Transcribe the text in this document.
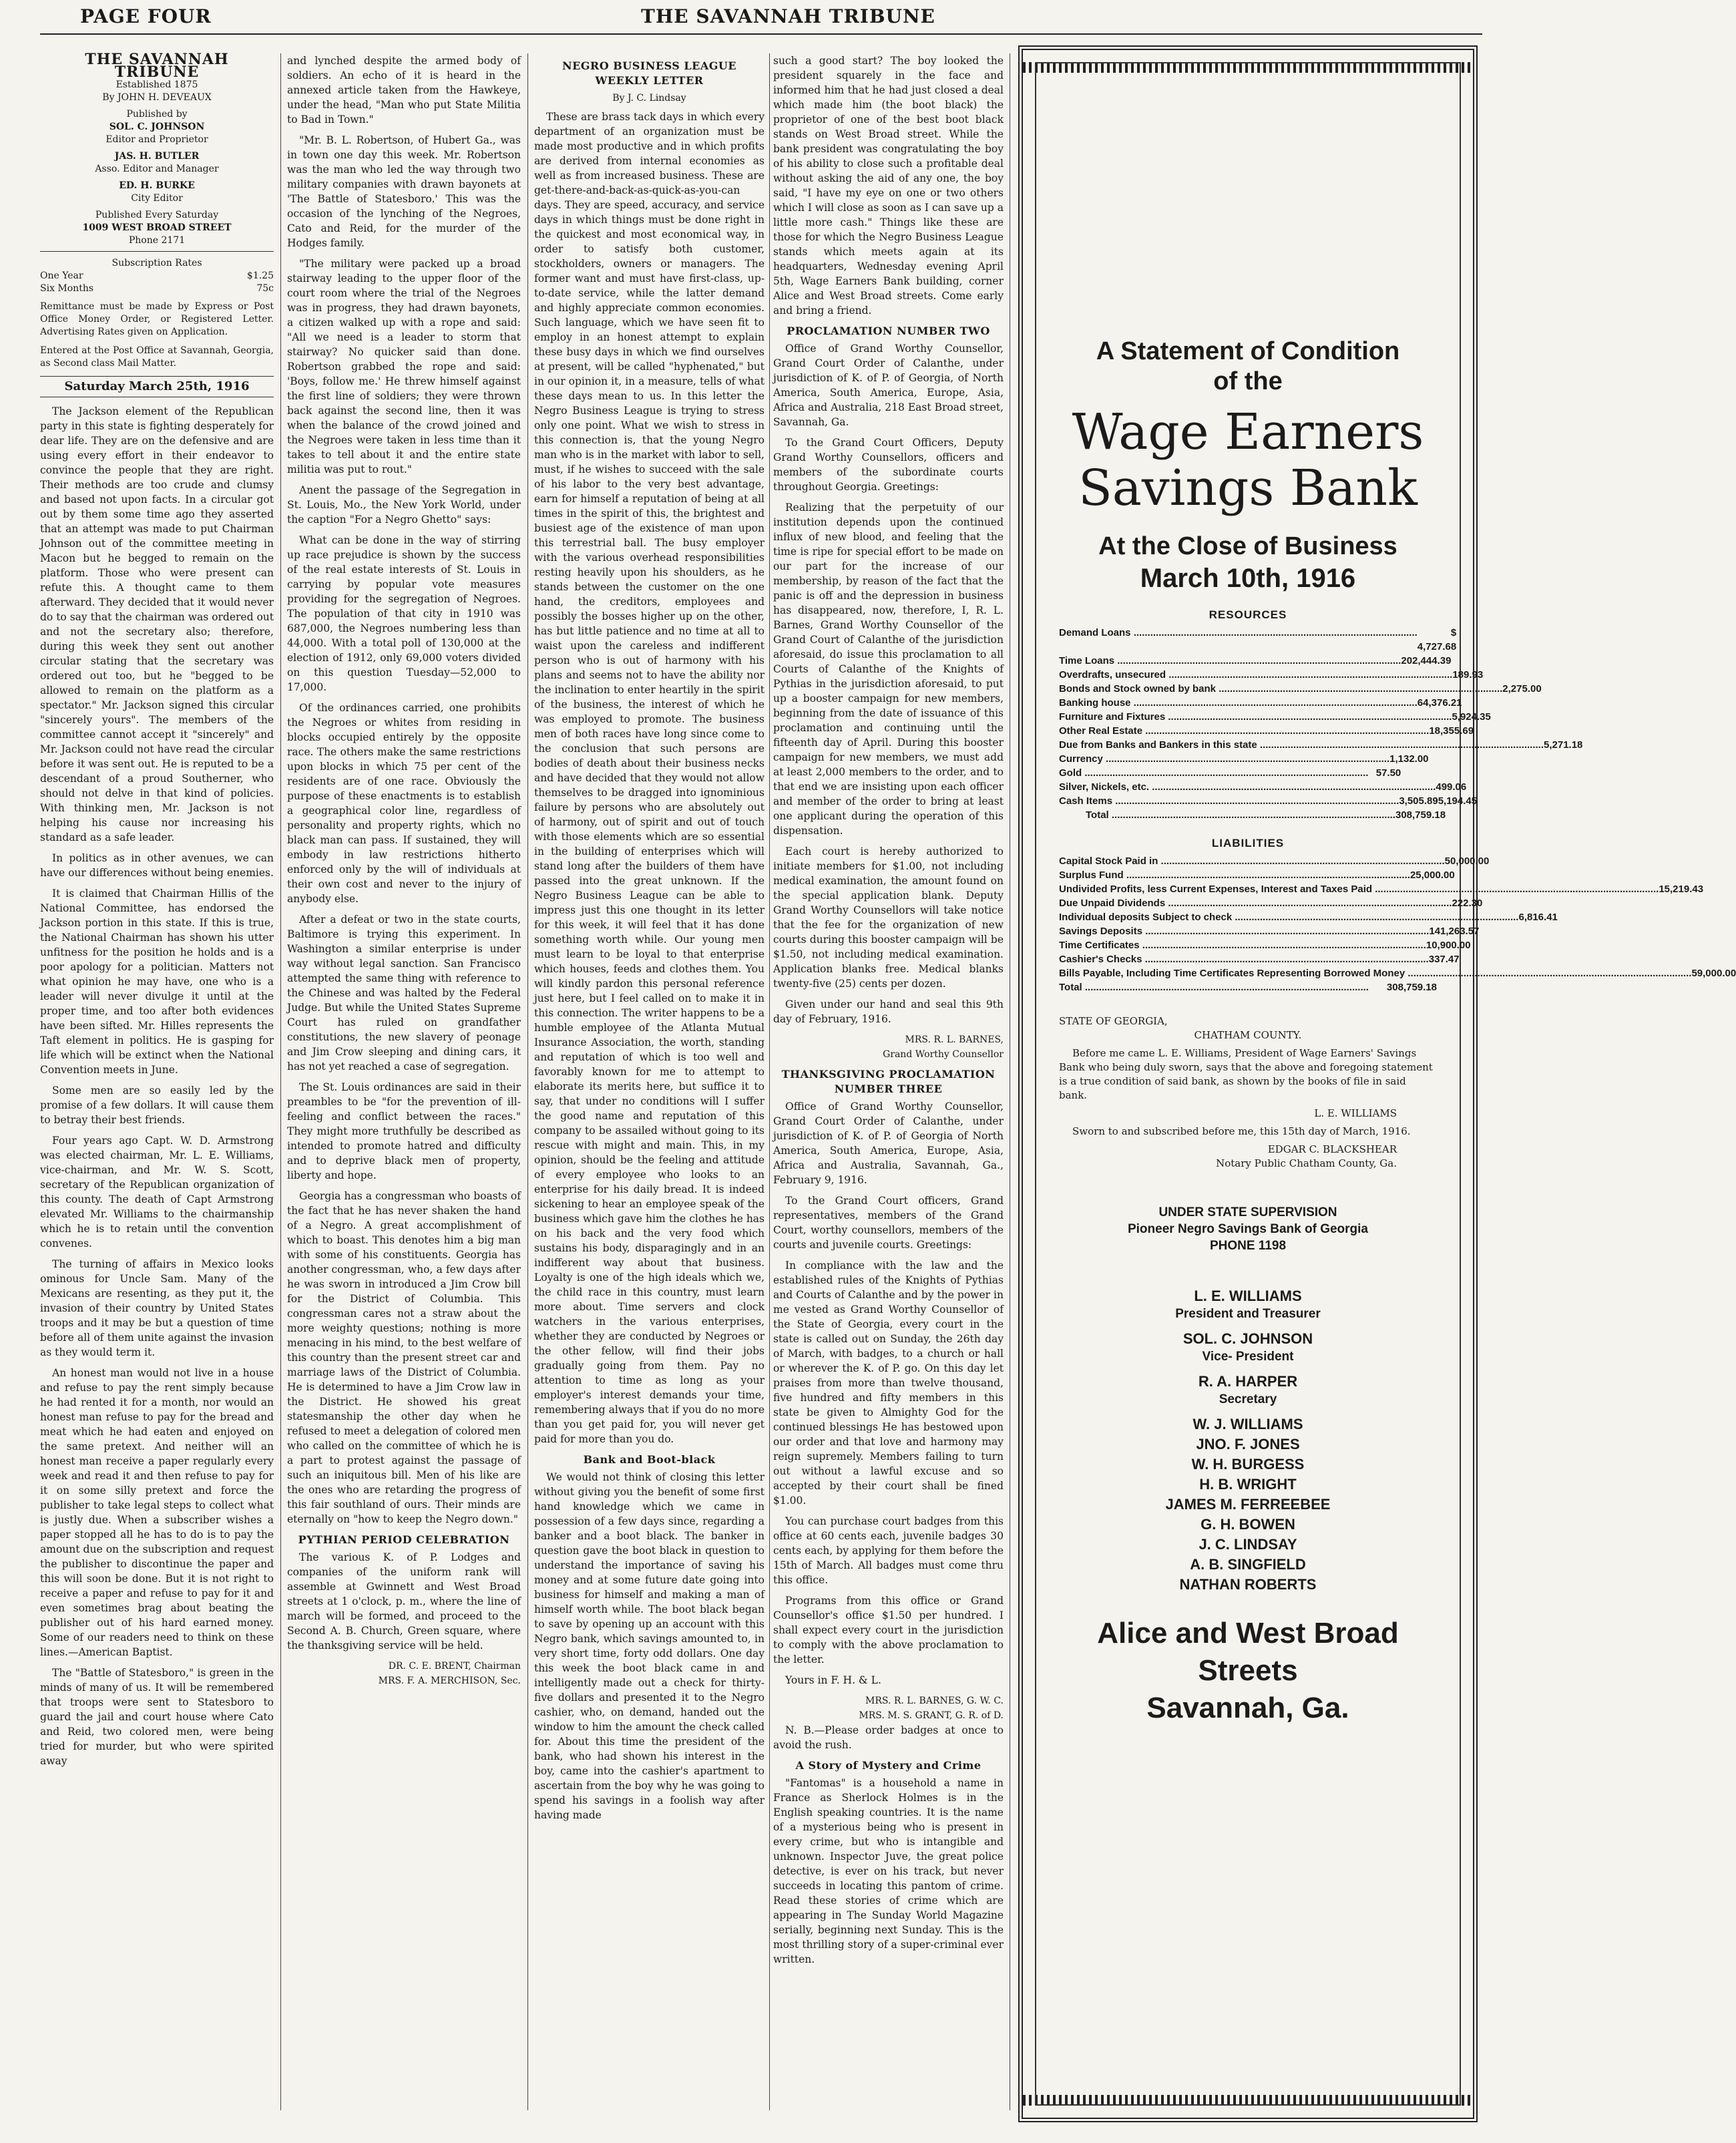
PAGE FOUR	THE SAVANNAH TRIBUNE
THE SAVANNAH TRIBUNE
Established 1875
By JOHN H. DEVEAUX
Published by
SOL. C. JOHNSON
Editor and Proprietor
JAS. H. BUTLER
Asso. Editor and Manager
ED. H. BURKE
City Editor
Published Every Saturday
1009 WEST BROAD STREET
Phone 2171
Subscription Rates
One Year	$1.25
Six Months	75c

Remittance must be made by Express or Post Office Money Order, or Registered Letter. Advertising Rates given on Application.

Entered at the Post Office at Savannah, Georgia, as Second class Mail Matter.

Saturday March 25th, 1916

The Jackson element of the Republican party in this state is fighting desperately for dear life. They are on the defensive and are using every effort in their endeavor to convince the people that they are right. Their methods are too crude and clumsy and based not upon facts. In a circular got out by them some time ago they asserted that an attempt was made to put Chairman Johnson out of the committee meeting in Macon but he begged to remain on the platform. Those who were present can refute this. A thought came to them afterward. They decided that it would never do to say that the chairman was ordered out and not the secretary also; therefore, during this week they sent out another circular stating that the secretary was ordered out too, but he "begged to be allowed to remain on the platform as a spectator." Mr. Jackson signed this circular "sincerely yours". The members of the committee cannot accept it "sincerely" and Mr. Jackson could not have read the circular before it was sent out. He is reputed to be a descendant of a proud Southerner, who should not delve in that kind of policies. With thinking men, Mr. Jackson is not helping his cause nor increasing his standard as a safe leader.

In politics as in other avenues, we can have our differences without being enemies.

It is claimed that Chairman Hillis of the National Committee, has endorsed the Jackson portion in this state. If this is true, the National Chairman has shown his utter unfitness for the position he holds and is a poor apology for a politician. Matters not what opinion he may have, one who is a leader will never divulge it until at the proper time, and too after both evidences have been sifted. Mr. Hilles represents the Taft element in politics. He is gasping for life which will be extinct when the National Convention meets in June.

Some men are so easily led by the promise of a few dollars. It will cause them to betray their best friends.

Four years ago Capt. W. D. Armstrong was elected chairman, Mr. L. E. Williams, vice-chairman, and Mr. W. S. Scott, secretary of the Republican organization of this county. The death of Capt Armstrong elevated Mr. Williams to the chairmanship which he is to retain until the convention convenes.

The turning of affairs in Mexico looks ominous for Uncle Sam. Many of the Mexicans are resenting, as they put it, the invasion of their country by United States troops and it may be but a question of time before all of them unite against the invasion as they would term it.

An honest man would not live in a house and refuse to pay the rent simply because he had rented it for a month, nor would an honest man refuse to pay for the bread and meat which he had eaten and enjoyed on the same pretext. And neither will an honest man receive a paper regularly every week and read it and then refuse to pay for it on some silly pretext and force the publisher to take legal steps to collect what is justly due. When a subscriber wishes a paper stopped all he has to do is to pay the amount due on the subscription and request the publisher to discontinue the paper and this will soon be done. But it is not right to receive a paper and refuse to pay for it and even sometimes brag about beating the publisher out of his hard earned money. Some of our readers need to think on these lines.—American Baptist.

The "Battle of Statesboro," is green in the minds of many of us. It will be remembered that troops were sent to Statesboro to guard the jail and court house where Cato and Reid, two colored men, were being tried for murder, but who were spirited away

and lynched despite the armed body of soldiers. An echo of it is heard in the annexed article taken from the Hawkeye, under the head, "Man who put State Militia to Bad in Town."

"Mr. B. L. Robertson, of Hubert Ga., was in town one day this week. Mr. Robertson was the man who led the way through two military companies with drawn bayonets at 'The Battle of Statesboro.' This was the occasion of the lynching of the Negroes, Cato and Reid, for the murder of the Hodges family.

"The military were packed up a broad stairway leading to the upper floor of the court room where the trial of the Negroes was in progress, they had drawn bayonets, a citizen walked up with a rope and said: "All we need is a leader to storm that stairway? No quicker said than done. Robertson grabbed the rope and said: 'Boys, follow me.' He threw himself against the first line of soldiers; they were thrown back against the second line, then it was when the balance of the crowd joined and the Negroes were taken in less time than it takes to tell about it and the entire state militia was put to rout."

Anent the passage of the Segregation in St. Louis, Mo., the New York World, under the caption "For a Negro Ghetto" says:

What can be done in the way of stirring up race prejudice is shown by the success of the real estate interests of St. Louis in carrying by popular vote measures providing for the segregation of Negroes. The population of that city in 1910 was 687,000, the Negroes numbering less than 44,000. With a total poll of 130,000 at the election of 1912, only 69,000 voters divided on this question Tuesday—52,000 to 17,000.

Of the ordinances carried, one prohibits the Negroes or whites from residing in blocks occupied entirely by the opposite race. The others make the same restrictions upon blocks in which 75 per cent of the residents are of one race. Obviously the purpose of these enactments is to establish a geographical color line, regardless of personality and property rights, which no black man can pass. If sustained, they will embody in law restrictions hitherto enforced only by the will of individuals at their own cost and never to the injury of anybody else.

After a defeat or two in the state courts, Baltimore is trying this experiment. In Washington a similar enterprise is under way without legal sanction. San Francisco attempted the same thing with reference to the Chinese and was halted by the Federal Judge. But while the United States Supreme Court has ruled on grandfather constitutions, the new slavery of peonage and Jim Crow sleeping and dining cars, it has not yet reached a case of segregation.

The St. Louis ordinances are said in their preambles to be "for the prevention of ill-feeling and conflict between the races." They might more truthfully be described as intended to promote hatred and difficulty and to deprive black men of property, liberty and hope.

Georgia has a congressman who boasts of the fact that he has never shaken the hand of a Negro. A great accomplishment of which to boast. This denotes him a big man with some of his constituents. Georgia has another congressman, who, a few days after he was sworn in introduced a Jim Crow bill for the District of Columbia. This congressman cares not a straw about the more weighty questions; nothing is more menacing in his mind, to the best welfare of this country than the present street car and marriage laws of the District of Columbia. He is determined to have a Jim Crow law in the District. He showed his great statesmanship the other day when he refused to meet a delegation of colored men who called on the committee of which he is a part to protest against the passage of such an iniquitous bill. Men of his like are the ones who are retarding the progress of this fair southland of ours. Their minds are eternally on "how to keep the Negro down."

PYTHIAN PERIOD CELEBRATION

The various K. of P. Lodges and companies of the uniform rank will assemble at Gwinnett and West Broad streets at 1 o'clock, p. m., where the line of march will be formed, and proceed to the Second A. B. Church, Green square, where the thanksgiving service will be held.

DR. C. E. BRENT, Chairman
MRS. F. A. MERCHISON, Sec.
NEGRO BUSINESS LEAGUE WEEKLY LETTER
By J. C. Lindsay

These are brass tack days in which every department of an organization must be made most productive and in which profits are derived from internal economies as well as from increased business. These are get-there-and-back-as-quick-as-you-can days. They are speed, accuracy, and service days in which things must be done right in the quickest and most economical way, in order to satisfy both customer, stockholders, owners or managers. The former want and must have first-class, up-to-date service, while the latter demand and highly appreciate common economies. Such language, which we have seen fit to employ in an honest attempt to explain these busy days in which we find ourselves at present, will be called "hyphenated," but in our opinion it, in a measure, tells of what these days mean to us. In this letter the Negro Business League is trying to stress only one point. What we wish to stress in this connection is, that the young Negro man who is in the market with labor to sell, must, if he wishes to succeed with the sale of his labor to the very best advantage, earn for himself a reputation of being at all times in the spirit of this, the brightest and busiest age of the existence of man upon this terrestrial ball. The busy employer with the various overhead responsibilities resting heavily upon his shoulders, as he stands between the customer on the one hand, the creditors, employees and possibly the bosses higher up on the other, has but little patience and no time at all to waist upon the careless and indifferent person who is out of harmony with his plans and seems not to have the ability nor the inclination to enter heartily in the spirit of the business, the interest of which he was employed to promote. The business men of both races have long since come to the conclusion that such persons are bodies of death about their business necks and have decided that they would not allow themselves to be dragged into ignominious failure by persons who are absolutely out of harmony, out of spirit and out of touch with those elements which are so essential in the building of enterprises which will stand long after the builders of them have passed into the great unknown. If the Negro Business League can be able to impress just this one thought in its letter for this week, it will feel that it has done something worth while. Our young men must learn to be loyal to that enterprise which houses, feeds and clothes them. You will kindly pardon this personal reference just here, but I feel called on to make it in this connection. The writer happens to be a humble employee of the Atlanta Mutual Insurance Association, the worth, standing and reputation of which is too well and favorably known for me to attempt to elaborate its merits here, but suffice it to say, that under no conditions will I suffer the good name and reputation of this company to be assailed without going to its rescue with might and main. This, in my opinion, should be the feeling and attitude of every employee who looks to an enterprise for his daily bread. It is indeed sickening to hear an employee speak of the business which gave him the clothes he has on his back and the very food which sustains his body, disparagingly and in an indifferent way about that business. Loyalty is one of the high ideals which we, the child race in this country, must learn more about. Time servers and clock watchers in the various enterprises, whether they are conducted by Negroes or the other fellow, will find their jobs gradually going from them. Pay no attention to time as long as your employer's interest demands your time, remembering always that if you do no more than you get paid for, you will never get paid for more than you do.

Bank and Boot-black

We would not think of closing this letter without giving you the benefit of some first hand knowledge which we came in possession of a few days since, regarding a banker and a boot black. The banker in question gave the boot black in question to understand the importance of saving his money and at some future date going into business for himself and making a man of himself worth while. The boot black began to save by opening up an account with this Negro bank, which savings amounted to, in very short time, forty odd dollars. One day this week the boot black came in and intelligently made out a check for thirty-five dollars and presented it to the Negro cashier, who, on demand, handed out the window to him the amount the check called for. About this time the president of the bank, who had shown his interest in the boy, came into the cashier's apartment to ascertain from the boy why he was going to spend his savings in a foolish way after having made

such a good start? The boy looked the president squarely in the face and informed him that he had just closed a deal which made him (the boot black) the proprietor of one of the best boot black stands on West Broad street. While the bank president was congratulating the boy of his ability to close such a profitable deal without asking the aid of any one, the boy said, "I have my eye on one or two others which I will close as soon as I can save up a little more cash." Things like these are those for which the Negro Business League stands which meets again at its headquarters, Wednesday evening April 5th, Wage Earners Bank building, corner Alice and West Broad streets. Come early and bring a friend.

PROCLAMATION NUMBER TWO

Office of Grand Worthy Counsellor, Grand Court Order of Calanthe, under jurisdiction of K. of P. of Georgia, of North America, South America, Europe, Asia, Africa and Australia, 218 East Broad street, Savannah, Ga.

To the Grand Court Officers, Deputy Grand Worthy Counsellors, officers and members of the subordinate courts throughout Georgia. Greetings:

Realizing that the perpetuity of our institution depends upon the continued influx of new blood, and feeling that the time is ripe for special effort to be made on our part for the increase of our membership, by reason of the fact that the panic is off and the depression in business has disappeared, now, therefore, I, R. L. Barnes, Grand Worthy Counsellor of the Grand Court of Calanthe of the jurisdiction aforesaid, do issue this proclamation to all Courts of Calanthe of the Knights of Pythias in the jurisdiction aforesaid, to put up a booster campaign for new members, beginning from the date of issuance of this proclamation and continuing until the fifteenth day of April. During this booster campaign for new members, we must add at least 2,000 members to the order, and to that end we are insisting upon each officer and member of the order to bring at least one applicant during the operation of this dispensation.

Each court is hereby authorized to initiate members for $1.00, not including medical examination, the amount found on the special application blank. Deputy Grand Worthy Counsellors will take notice that the fee for the organization of new courts during this booster campaign will be $1.50, not including medical examination. Application blanks free. Medical blanks twenty-five (25) cents per dozen.

Given under our hand and seal this 9th day of February, 1916.

MRS. R. L. BARNES,
Grand Worthy Counsellor
THANKSGIVING PROCLAMATION NUMBER THREE

Office of Grand Worthy Counsellor, Grand Court Order of Calanthe, under jurisdiction of K. of P. of Georgia of North America, South America, Europe, Asia, Africa and Australia, Savannah, Ga., February 9, 1916.

To the Grand Court officers, Grand representatives, members of the Grand Court, worthy counsellors, members of the courts and juvenile courts. Greetings:

In compliance with the law and the established rules of the Knights of Pythias and Courts of Calanthe and by the power in me vested as Grand Worthy Counsellor of the State of Georgia, every court in the state is called out on Sunday, the 26th day of March, with badges, to a church or hall or wherever the K. of P. go. On this day let praises from more than twelve thousand, five hundred and fifty members in this state be given to Almighty God for the continued blessings He has bestowed upon our order and that love and harmony may reign supremely. Members failing to turn out without a lawful excuse and so accepted by their court shall be fined $1.00.

You can purchase court badges from this office at 60 cents each, juvenile badges 30 cents each, by applying for them before the 15th of March. All badges must come thru this office.

Programs from this office or Grand Counsellor's office $1.50 per hundred. I shall expect every court in the jurisdiction to comply with the above proclamation to the letter.

Yours in F. H. & L.

MRS. R. L. BARNES, G. W. C.
MRS. M. S. GRANT, G. R. of D.

N. B.—Please order badges at once to avoid the rush.

A Story of Mystery and Crime

"Fantomas" is a household a name in France as Sherlock Holmes is in the English speaking countries. It is the name of a mysterious being who is present in every crime, but who is intangible and unknown. Inspector Juve, the great police detective, is ever on his track, but never succeeds in locating this pantom of crime. Read these stories of crime which are appearing in The Sunday World Magazine serially, beginning next Sunday. This is the most thrilling story of a super-criminal ever written.

A Statement of Condition
of the
Wage Earners
Savings Bank
At the Close of Business
March 10th, 1916
RESOURCES
Demand Loans .....	$ 4,727.68
Time Loans .....	202,444.39
Overdrafts, unsecured .....	189.93
Bonds and Stock owned by bank .....	2,275.00
Banking house .....	64,376.21
Furniture and Fixtures .....	5,924.35
Other Real Estate .....	18,355.69
Due from Banks and Bankers in this state .....	5,271.18
Currency .....	1,132.00
Gold .....	57.50
Silver, Nickels, etc. .....	499.06
Cash Items .....	3,505.89 5,194.45
Total .....	308,759.18
LIABILITIES
Capital Stock Paid in .....	50,000.00
Surplus Fund .....	25,000.00
Undivided Profits, less Current Expenses, Interest and Taxes Paid .....	15,219.43
Due Unpaid Dividends .....	222.30
Individual deposits Subject to check .....	6,816.41
Savings Deposits .....	141,263.57
Time Certificates .....	10,900.00
Cashier's Checks .....	337.47
Bills Payable, Including Time Certificates Representing Borrowed Money .....	59,000.00
Total .....	308,759.18
STATE OF GEORGIA,
CHATHAM COUNTY.

Before me came L. E. Williams, President of Wage Earners' Savings Bank who being duly sworn, says that the above and foregoing statement is a true condition of said bank, as shown by the books of file in said bank.

L. E. WILLIAMS

Sworn to and subscribed before me, this 15th day of March, 1916.

EDGAR C. BLACKSHEAR
Notary Public Chatham County, Ga.
UNDER STATE SUPERVISION
Pioneer Negro Savings Bank of Georgia
PHONE 1198
L. E. WILLIAMS
President and Treasurer
SOL. C. JOHNSON
Vice- President
R. A. HARPER
Secretary
W. J. WILLIAMS
JNO. F. JONES
W. H. BURGESS
H. B. WRIGHT
JAMES M. FERREEBEE
G. H. BOWEN
J. C. LINDSAY
A. B. SINGFIELD
NATHAN ROBERTS
Alice and West Broad Streets
Savannah, Ga.
